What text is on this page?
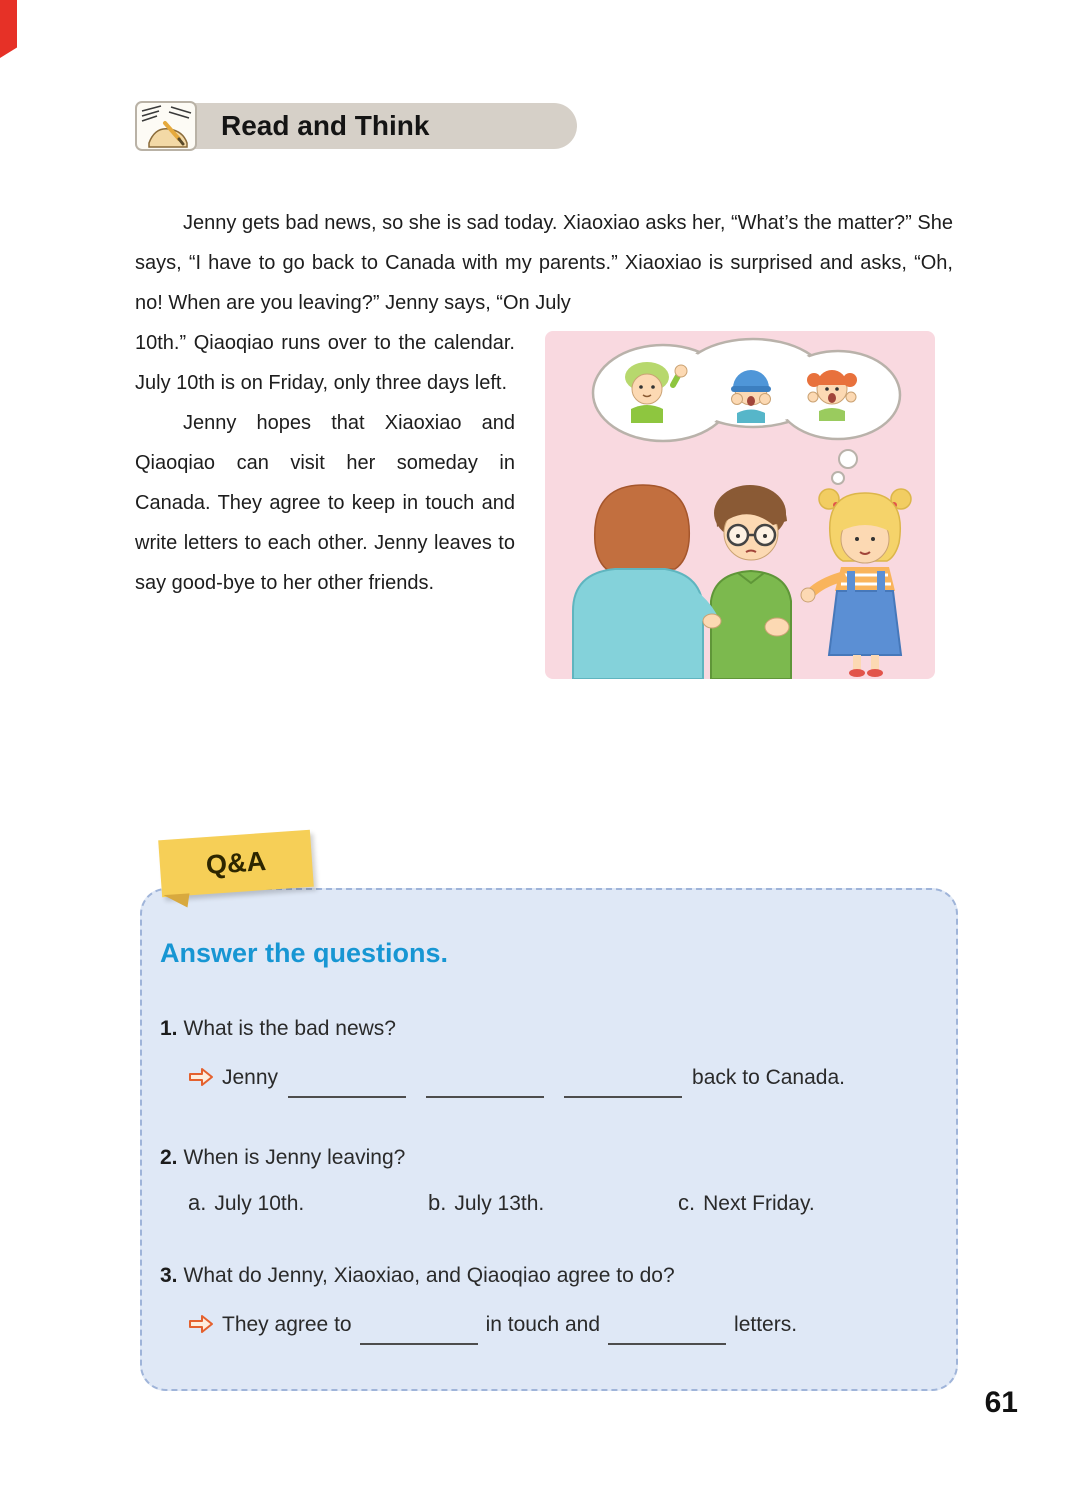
Read and Think

Jenny gets bad news, so she is sad today. Xiaoxiao asks her, “What’s the matter?” She says, “I have to go back to Canada with my parents.” Xiaoxiao is surprised and asks, “Oh, no! When are you leaving?” Jenny says, “On July

10th.” Qiaoqiao runs over to the calendar. July 10th is on Friday, only three days left.

Jenny hopes that Xiaoxiao and Qiaoqiao can visit her someday in Canada. They agree to keep in touch and write letters to each other. Jenny leaves to say good-bye to her other friends.

Q&A
Answer the questions.

1. What is the bad news?

Jenny	back to Canada.

2. When is Jenny leaving?

a. July 10th.	b. July 13th.	c. Next Friday.

3. What do Jenny, Xiaoxiao, and Qiaoqiao agree to do?

They agree to	in touch and	letters.

61
